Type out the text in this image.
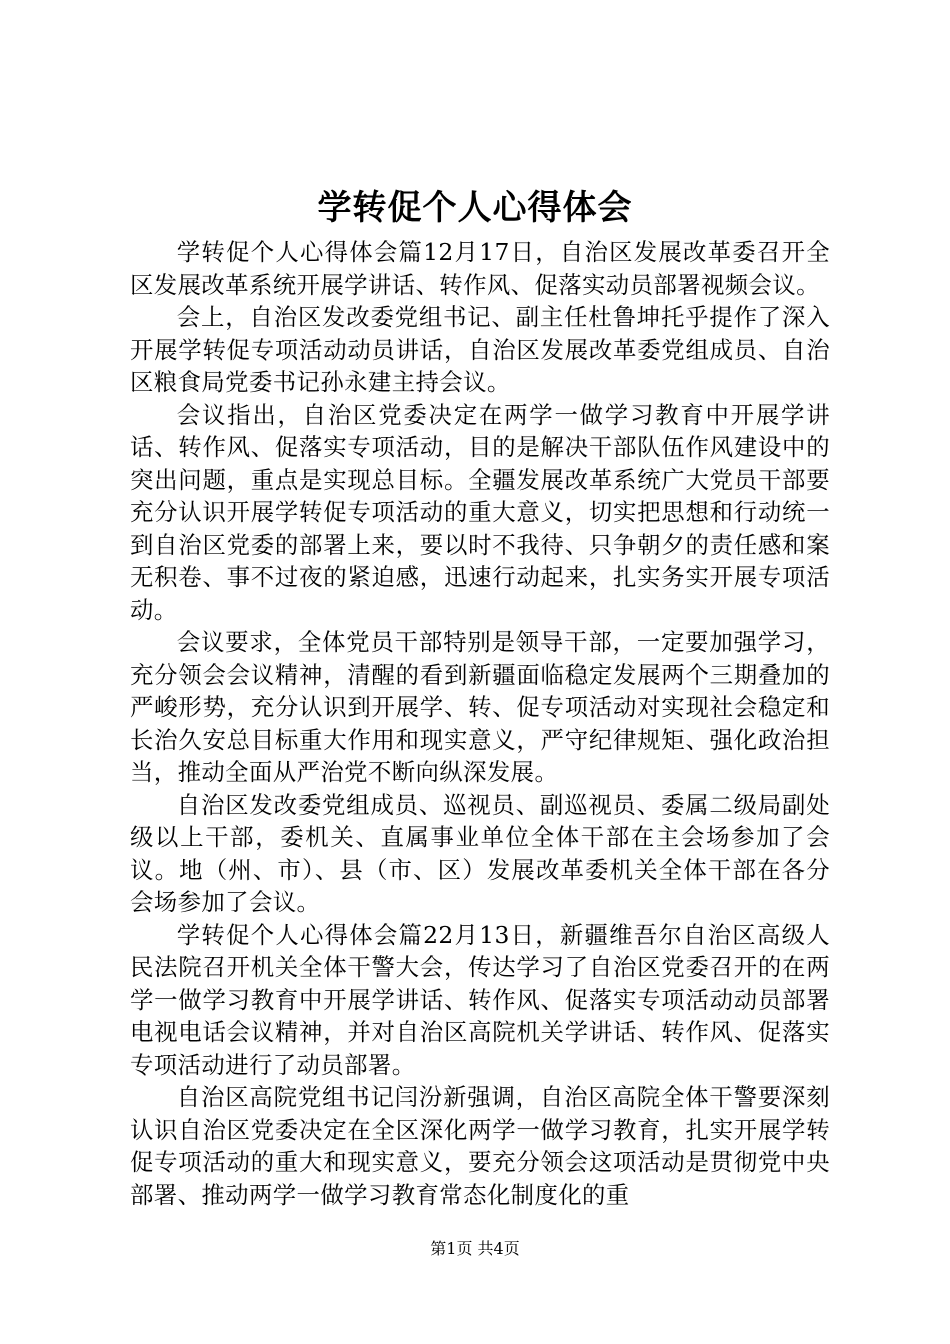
学转促个人心得体会

学转促个人心得体会篇12月17日，自治区发展改革委召开全区发展改革系统开展学讲话、转作风、促落实动员部署视频会议。

会上，自治区发改委党组书记、副主任杜鲁坤托乎提作了深入开展学转促专项活动动员讲话，自治区发展改革委党组成员、自治区粮食局党委书记孙永建主持会议。

会议指出，自治区党委决定在两学一做学习教育中开展学讲话、转作风、促落实专项活动，目的是解决干部队伍作风建设中的突出问题，重点是实现总目标。全疆发展改革系统广大党员干部要充分认识开展学转促专项活动的重大意义，切实把思想和行动统一到自治区党委的部署上来，要以时不我待、只争朝夕的责任感和案无积卷、事不过夜的紧迫感，迅速行动起来，扎实务实开展专项活动。

会议要求，全体党员干部特别是领导干部，一定要加强学习，充分领会会议精神，清醒的看到新疆面临稳定发展两个三期叠加的严峻形势，充分认识到开展学、转、促专项活动对实现社会稳定和长治久安总目标重大作用和现实意义，严守纪律规矩、强化政治担当，推动全面从严治党不断向纵深发展。

自治区发改委党组成员、巡视员、副巡视员、委属二级局副处级以上干部，委机关、直属事业单位全体干部在主会场参加了会议。地（州、市）、县（市、区）发展改革委机关全体干部在各分会场参加了会议。

学转促个人心得体会篇22月13日，新疆维吾尔自治区高级人民法院召开机关全体干警大会，传达学习了自治区党委召开的在两学一做学习教育中开展学讲话、转作风、促落实专项活动动员部署电视电话会议精神，并对自治区高院机关学讲话、转作风、促落实专项活动进行了动员部署。

自治区高院党组书记闫汾新强调，自治区高院全体干警要深刻认识自治区党委决定在全区深化两学一做学习教育，扎实开展学转促专项活动的重大和现实意义，要充分领会这项活动是贯彻党中央部署、推动两学一做学习教育常态化制度化的重

第1页 共4页
